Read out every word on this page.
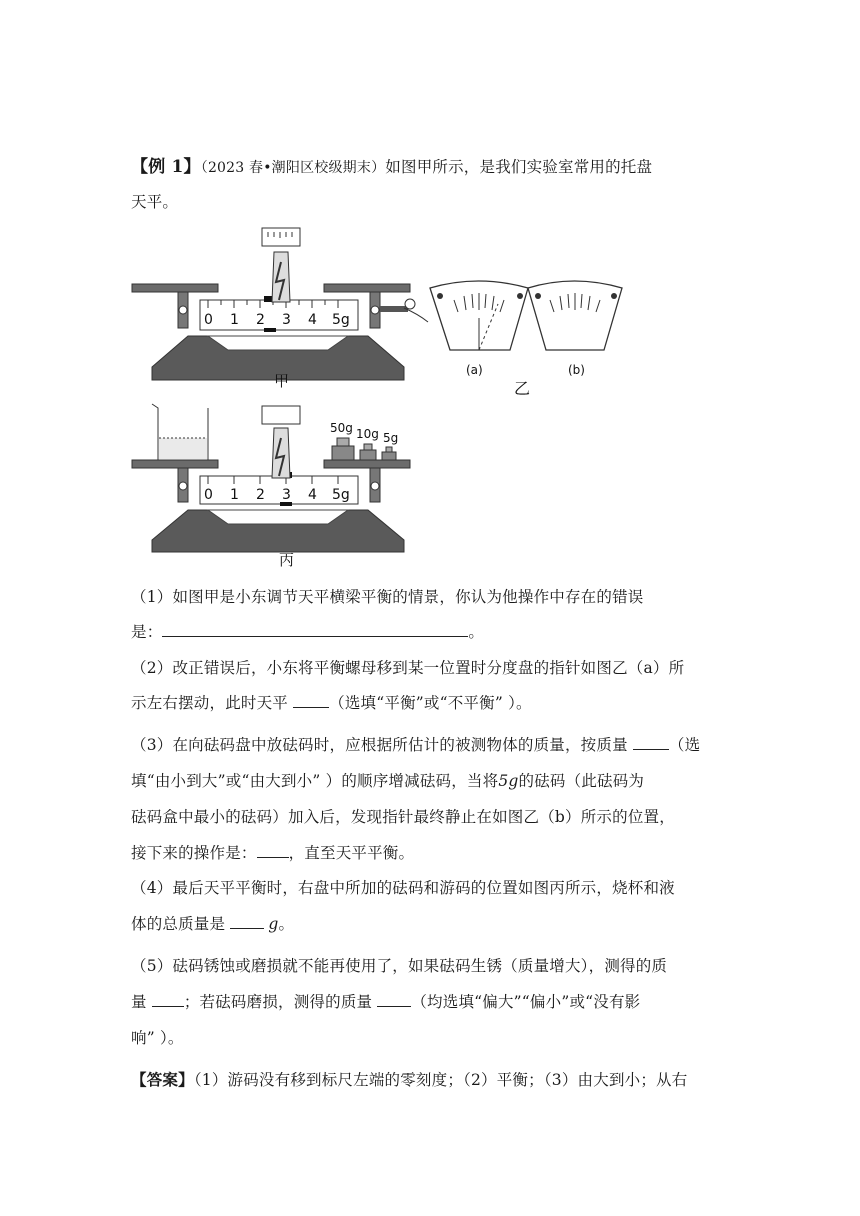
【例 1】（2023 春•潮阳区校级期末）如图甲所示，是我们实验室常用的托盘
天平。
0 1 2 3 4 5g
(a)	(b)
乙
甲
0 1 2 3 4 5g
50g 10g 5g
丙
（1）如图甲是小东调节天平横梁平衡的情景，你认为他操作中存在的错误
是：	。
（2）改正错误后，小东将平衡螺母移到某一位置时分度盘的指针如图乙（a）所
示左右摆动，此时天平 （选填“平衡”或“不平衡” ）。
（3）在向砝码盘中放砝码时，应根据所估计的被测物体的质量，按质量 （选
填“由小到大”或“由大到小” ）的顺序增减砝码，当将5g的砝码（此砝码为
砝码盒中最小的砝码）加入后，发现指针最终静止在如图乙（b）所示的位置，
接下来的操作是： ，直至天平平衡。
（4）最后天平平衡时，右盘中所加的砝码和游码的位置如图丙所示，烧杯和液
体的总质量是 g。
（5）砝码锈蚀或磨损就不能再使用了，如果砝码生锈（质量增大），测得的质
量 ；若砝码磨损，测得的质量 （均选填“偏大”“偏小”或“没有影
响” ）。
【答案】（1）游码没有移到标尺左端的零刻度；（2）平衡；（3）由大到小；从右
